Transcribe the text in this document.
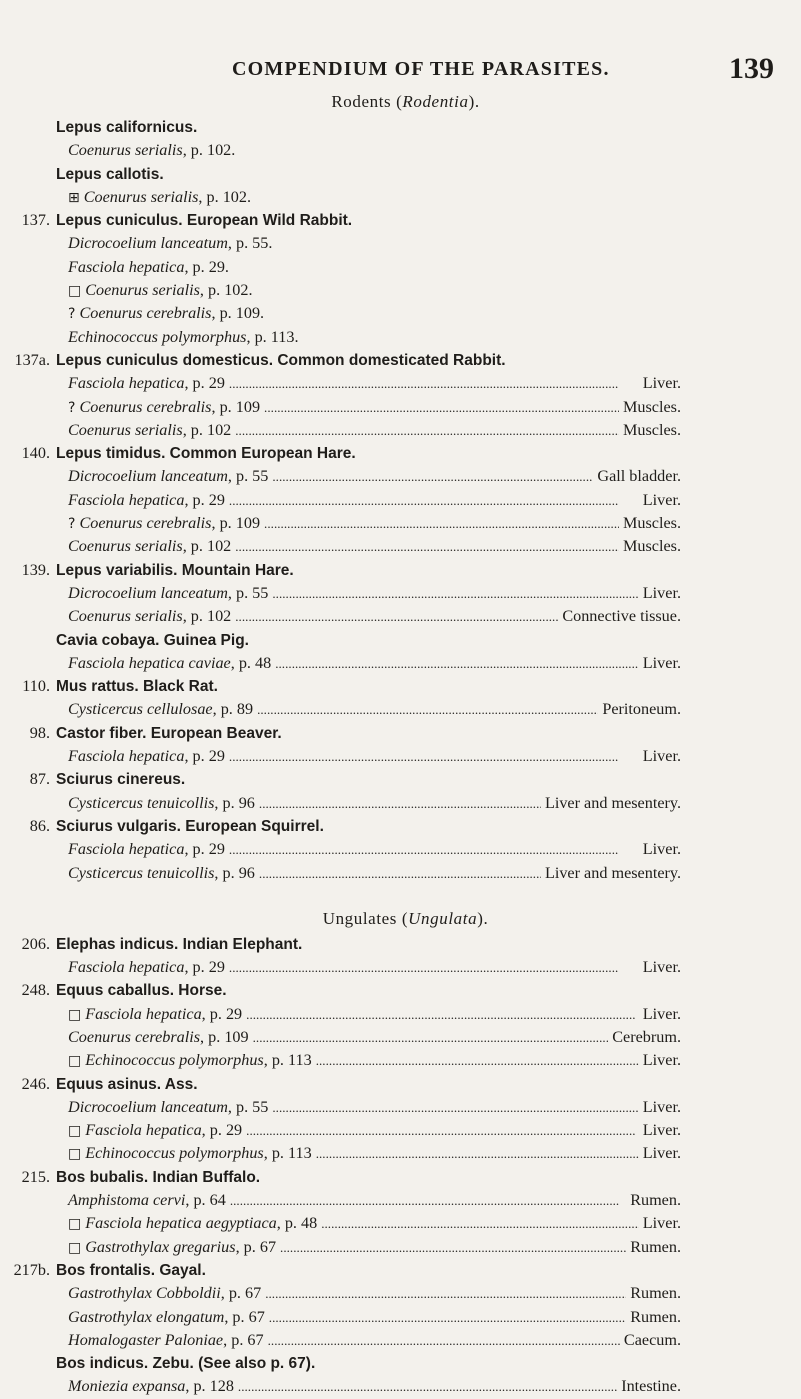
COMPENDIUM OF THE PARASITES.	139
Rodents (Rodentia).
Lepus californicus.
Coenurus serialis , p. 102.
Lepus callotis.
⊞ Coenurus serialis , p. 102.
137. Lepus cuniculus. European Wild Rabbit.
Dicrocoelium lanceatum , p. 55.
Fasciola hepatica , p. 29.
□ Coenurus serialis , p. 102.
? Coenurus cerebralis , p. 109.
Echinococcus polymorphus , p. 113.
137a. Lepus cuniculus domesticus. Common domesticated Rabbit.
Fasciola hepatica , p. 29 . . .	Liver.
? Coenurus cerebralis , p. 109 . . .	Muscles.
Coenurus serialis , p. 102 . . .	Muscles.
140. Lepus timidus. Common European Hare.
Dicrocoelium lanceatum , p. 55 . . .	Gall bladder.
Fasciola hepatica , p. 29 . . .	Liver.
? Coenurus cerebralis , p. 109 . . .	Muscles.
Coenurus serialis , p. 102 . . .	Muscles.
139. Lepus variabilis. Mountain Hare.
Dicrocoelium lanceatum , p. 55 . . .	Liver.
Coenurus serialis , p. 102 . . .	Connective tissue.
Cavia cobaya. Guinea Pig.
Fasciola hepatica caviae , p. 48 . . .	Liver.
110. Mus rattus. Black Rat.
Cysticercus cellulosae , p. 89 . . .	Peritoneum.
98. Castor fiber. European Beaver.
Fasciola hepatica , p. 29 . . .	Liver.
87. Sciurus cinereus.
Cysticercus tenuicollis , p. 96 . . .	Liver and mesentery.
86. Sciurus vulgaris. European Squirrel.
Fasciola hepatica , p. 29 . . .	Liver.
Cysticercus tenuicollis , p. 96 . . .	Liver and mesentery.
Ungulates (Ungulata).
206. Elephas indicus. Indian Elephant.
Fasciola hepatica , p. 29 . . .	Liver.
248. Equus caballus. Horse.
□ Fasciola hepatica , p. 29 . . .	Liver.
Coenurus cerebralis , p. 109 . . .	Cerebrum.
□ Echinococcus polymorphus , p. 113 . . .	Liver.
246. Equus asinus. Ass.
Dicrocoelium lanceatum , p. 55 . . .	Liver.
□ Fasciola hepatica , p. 29 . . .	Liver.
□ Echinococcus polymorphus , p. 113 . . .	Liver.
215. Bos bubalis. Indian Buffalo.
Amphistoma cervi , p. 64 . . .	Rumen.
□ Fasciola hepatica aegyptiaca , p. 48 . . .	Liver.
□ Gastrothylax gregarius , p. 67 . . .	Rumen.
217b. Bos frontalis. Gayal.
Gastrothylax Cobboldii , p. 67 . . .	Rumen.
Gastrothylax elongatum , p. 67 . . .	Rumen.
Homalogaster Paloniae , p. 67 . . .	Caecum.
Bos indicus. Zebu. (See also p. 67).
Moniezia expansa , p. 128 . . .	Intestine.
